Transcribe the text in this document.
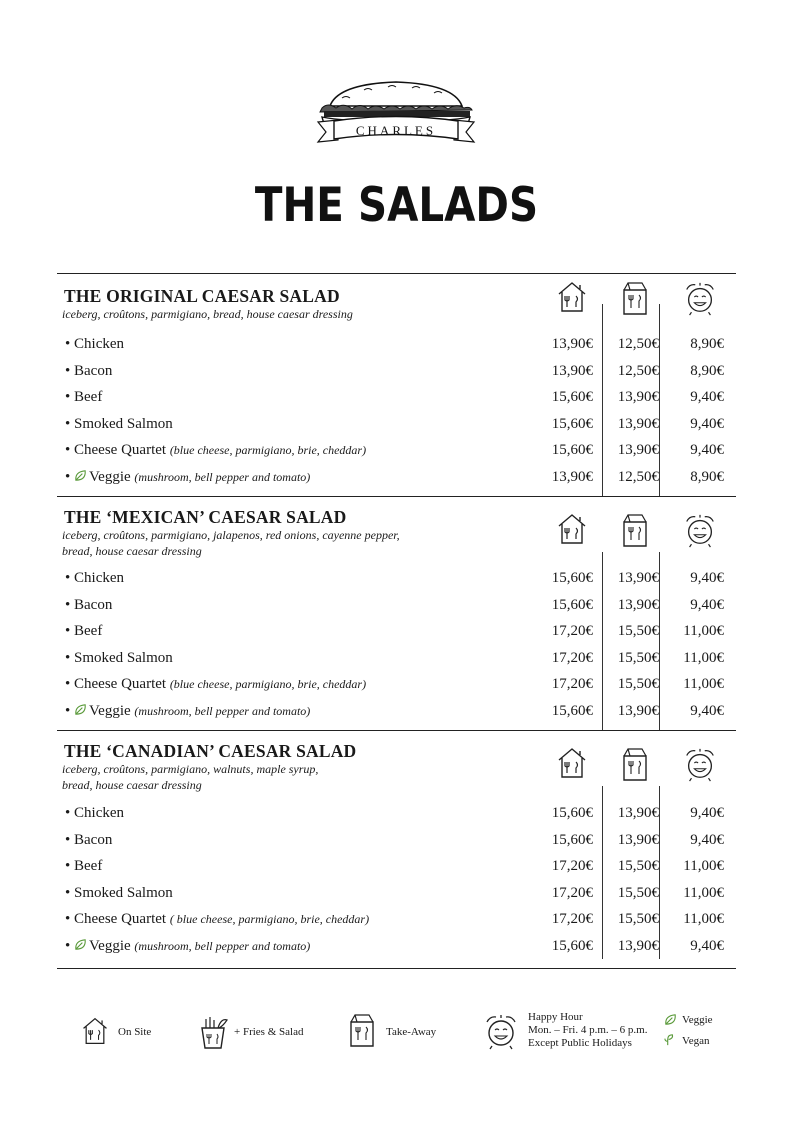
CHARLES
THE SALADS
THE ORIGINAL CAESAR SALAD
iceberg, croûtons, parmigiano, bread, house caesar dressing
• Chicken	13,90€	12,50€	8,90€
• Bacon	13,90€	12,50€	8,90€
• Beef	15,60€	13,90€	9,40€
• Smoked Salmon	15,60€	13,90€	9,40€
• Cheese Quartet (blue cheese, parmigiano, brie, cheddar)	15,60€	13,90€	9,40€
• Veggie (mushroom, bell pepper and tomato)	13,90€	12,50€	8,90€
THE ‘MEXICAN’ CAESAR SALAD
iceberg, croûtons, parmigiano, jalapenos, red onions, cayenne pepper,
bread, house caesar dressing
• Chicken	15,60€	13,90€	9,40€
• Bacon	15,60€	13,90€	9,40€
• Beef	17,20€	15,50€	11,00€
• Smoked Salmon	17,20€	15,50€	11,00€
• Cheese Quartet (blue cheese, parmigiano, brie, cheddar)	17,20€	15,50€	11,00€
• Veggie (mushroom, bell pepper and tomato)	15,60€	13,90€	9,40€
THE ‘CANADIAN’ CAESAR SALAD
iceberg, croûtons, parmigiano, walnuts, maple syrup,
bread, house caesar dressing
• Chicken	15,60€	13,90€	9,40€
• Bacon	15,60€	13,90€	9,40€
• Beef	17,20€	15,50€	11,00€
• Smoked Salmon	17,20€	15,50€	11,00€
• Cheese Quartet ( blue cheese, parmigiano, brie, cheddar)	17,20€	15,50€	11,00€
• Veggie (mushroom, bell pepper and tomato)	15,60€	13,90€	9,40€
On Site	+ Fries & Salad	Take-Away
Happy Hour
Mon. – Fri. 4 p.m. – 6 p.m.
Except Public Holidays
Veggie
Vegan
